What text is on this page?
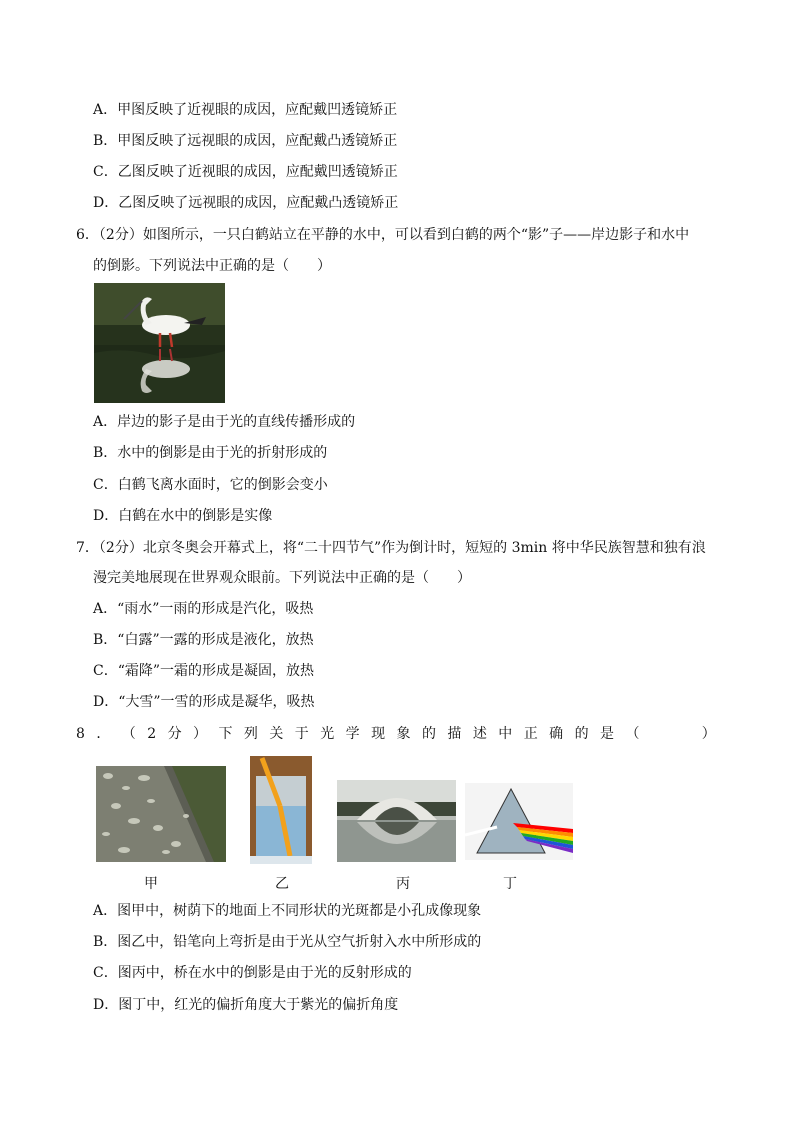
A．甲图反映了近视眼的成因，应配戴凹透镜矫正
B．甲图反映了远视眼的成因，应配戴凸透镜矫正
C．乙图反映了近视眼的成因，应配戴凹透镜矫正
D．乙图反映了远视眼的成因，应配戴凸透镜矫正
6．（2分）如图所示，一只白鹤站立在平静的水中，可以看到白鹤的两个“影”子——岸边影子和水中
的倒影。下列说法中正确的是（　　）
A．岸边的影子是由于光的直线传播形成的
B．水中的倒影是由于光的折射形成的
C．白鹤飞离水面时，它的倒影会变小
D．白鹤在水中的倒影是实像
7．（2分）北京冬奥会开幕式上，将“二十四节气”作为倒计时，短短的 3min 将中华民族智慧和独有浪
漫完美地展现在世界观众眼前。下列说法中正确的是（　　）
A．“雨水”一雨的形成是汽化，吸热
B．“白露”一露的形成是液化，放热
C．“霜降”一霜的形成是凝固，放热
D．“大雪”一雪的形成是凝华，吸热
8 ． （ 2 分 ） 下 列 关 于 光 学 现 象 的 描 述 中 正 确 的 是 （

　	）
甲	乙	丙	丁
A．图甲中，树荫下的地面上不同形状的光斑都是小孔成像现象
B．图乙中，铅笔向上弯折是由于光从空气折射入水中所形成的
C．图丙中，桥在水中的倒影是由于光的反射形成的
D．图丁中，红光的偏折角度大于紫光的偏折角度
